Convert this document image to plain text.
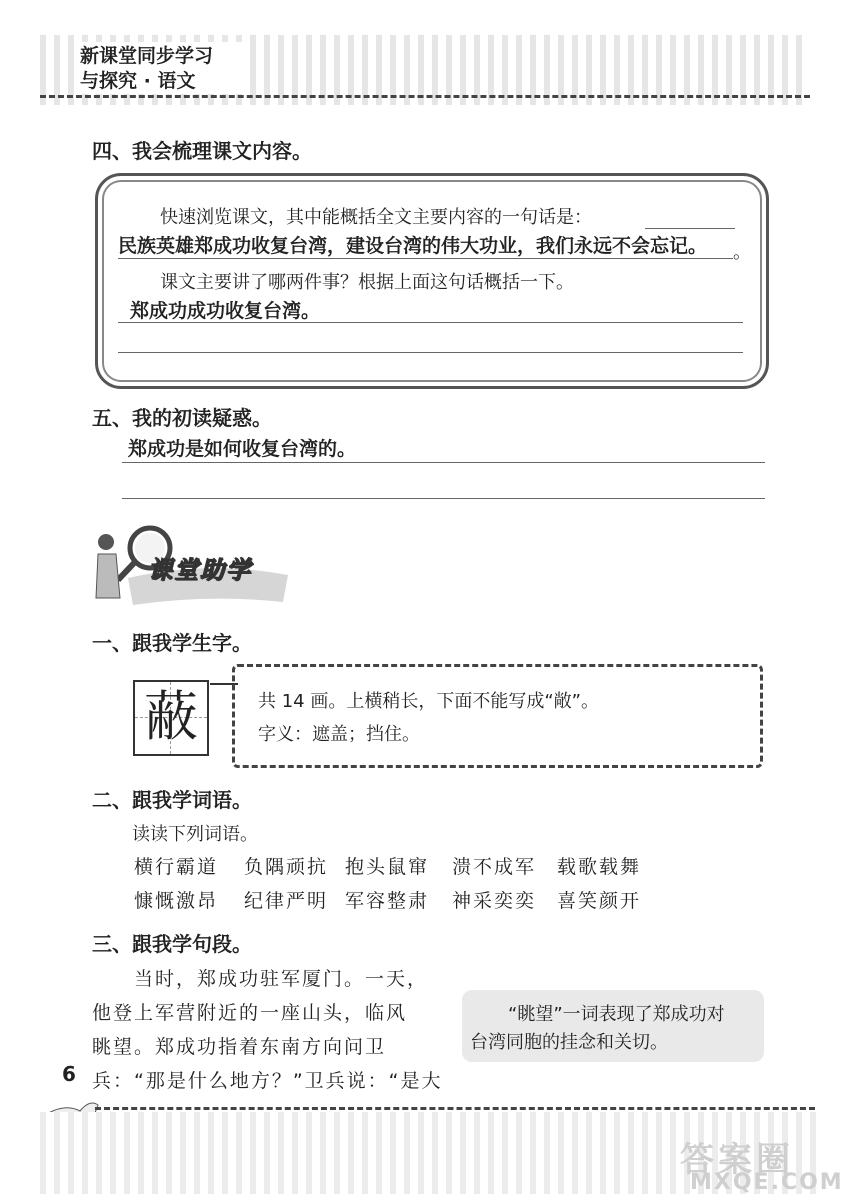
新课堂同步学习
与探究 · 语文
四、我会梳理课文内容。
快速浏览课文，其中能概括全文主要内容的一句话是：
民族英雄郑成功收复台湾，建设台湾的伟大功业，我们永远不会忘记。 。
课文主要讲了哪两件事？根据上面这句话概括一下。
郑成功成功收复台湾。
五、我的初读疑惑。
郑成功是如何收复台湾的。
课堂助学
一、跟我学生字。
蔽	共 14 画。上横稍长，下面不能写成“敞”。
字义：遮盖；挡住。
二、跟我学词语。
读读下列词语。
横行霸道 负隅顽抗 抱头鼠窜 溃不成军 载歌载舞
慷慨激昂 纪律严明 军容整肃 神采奕奕 喜笑颜开
三、跟我学句段。
当时，郑成功驻军厦门。一天，
他登上军营附近的一座山头，临风
眺望。郑成功指着东南方向问卫
兵：“那是什么地方？”卫兵说：“是大
“眺望”一词表现了郑成功对
台湾同胞的挂念和关切。
6
答案圈
MXQE.COM
